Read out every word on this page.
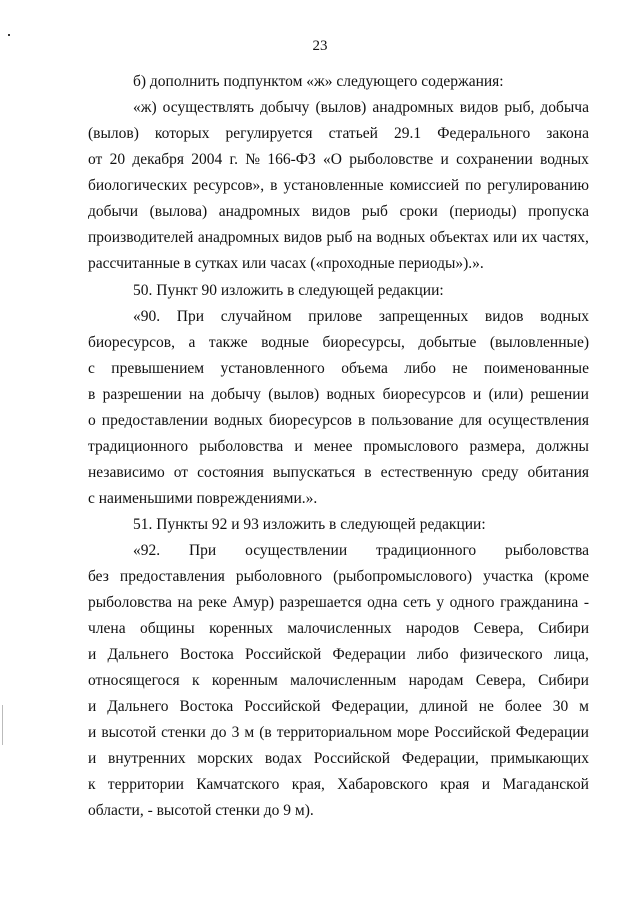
23
б) дополнить подпунктом «ж» следующего содержания:
«ж) осуществлять добычу (вылов) анадромных видов рыб, добыча
(вылов) которых регулируется статьей 29.1 Федерального закона
от 20 декабря 2004 г. № 166-ФЗ «О рыболовстве и сохранении водных
биологических ресурсов», в установленные комиссией по регулированию
добычи (вылова) анадромных видов рыб сроки (периоды) пропуска
производителей анадромных видов рыб на водных объектах или их частях,
рассчитанные в сутках или часах («проходные периоды»).».
50. Пункт 90 изложить в следующей редакции:
«90. При случайном прилове запрещенных видов водных
биоресурсов, а также водные биоресурсы, добытые (выловленные)
с превышением установленного объема либо не поименованные
в разрешении на добычу (вылов) водных биоресурсов и (или) решении
о предоставлении водных биоресурсов в пользование для осуществления
традиционного рыболовства и менее промыслового размера, должны
независимо от состояния выпускаться в естественную среду обитания
с наименьшими повреждениями.».
51. Пункты 92 и 93 изложить в следующей редакции:
«92. При осуществлении традиционного рыболовства
без предоставления рыболовного (рыбопромыслового) участка (кроме
рыболовства на реке Амур) разрешается одна сеть у одного гражданина -
члена общины коренных малочисленных народов Севера, Сибири
и Дальнего Востока Российской Федерации либо физического лица,
относящегося к коренным малочисленным народам Севера, Сибири
и Дальнего Востока Российской Федерации, длиной не более 30 м
и высотой стенки до 3 м (в территориальном море Российской Федерации
и внутренних морских водах Российской Федерации, примыкающих
к территории Камчатского края, Хабаровского края и Магаданской
области, - высотой стенки до 9 м).
